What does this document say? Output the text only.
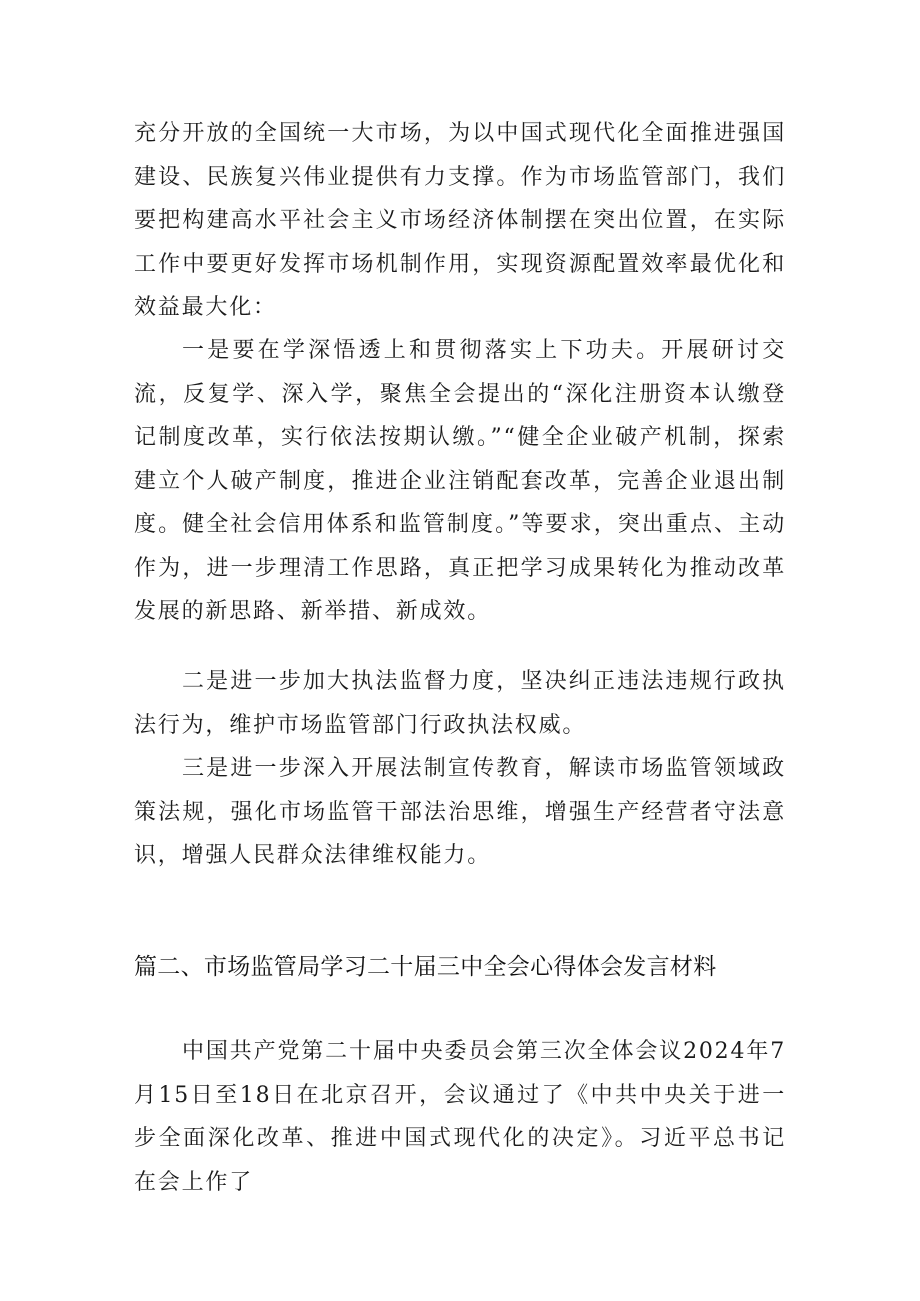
充分开放的全国统一大市场，为以中国式现代化全面推进强国建设、民族复兴伟业提供有力支撑。作为市场监管部门，我们要把构建高水平社会主义市场经济体制摆在突出位置，在实际工作中要更好发挥市场机制作用，实现资源配置效率最优化和效益最大化：

一是要在学深悟透上和贯彻落实上下功夫。开展研讨交流，反复学、深入学，聚焦全会提出的“深化注册资本认缴登记制度改革，实行依法按期认缴。”“健全企业破产机制，探索建立个人破产制度，推进企业注销配套改革，完善企业退出制度。健全社会信用体系和监管制度。”等要求，突出重点、主动作为，进一步理清工作思路，真正把学习成果转化为推动改革发展的新思路、新举措、新成效。

二是进一步加大执法监督力度，坚决纠正违法违规行政执法行为，维护市场监管部门行政执法权威。

三是进一步深入开展法制宣传教育，解读市场监管领域政策法规，强化市场监管干部法治思维，增强生产经营者守法意识，增强人民群众法律维权能力。

篇二、市场监管局学习二十届三中全会心得体会发言材料

中国共产党第二十届中央委员会第三次全体会议2024年7月15日至18日在北京召开，会议通过了《中共中央关于进一步全面深化改革、推进中国式现代化的决定》。习近平总书记在会上作了
